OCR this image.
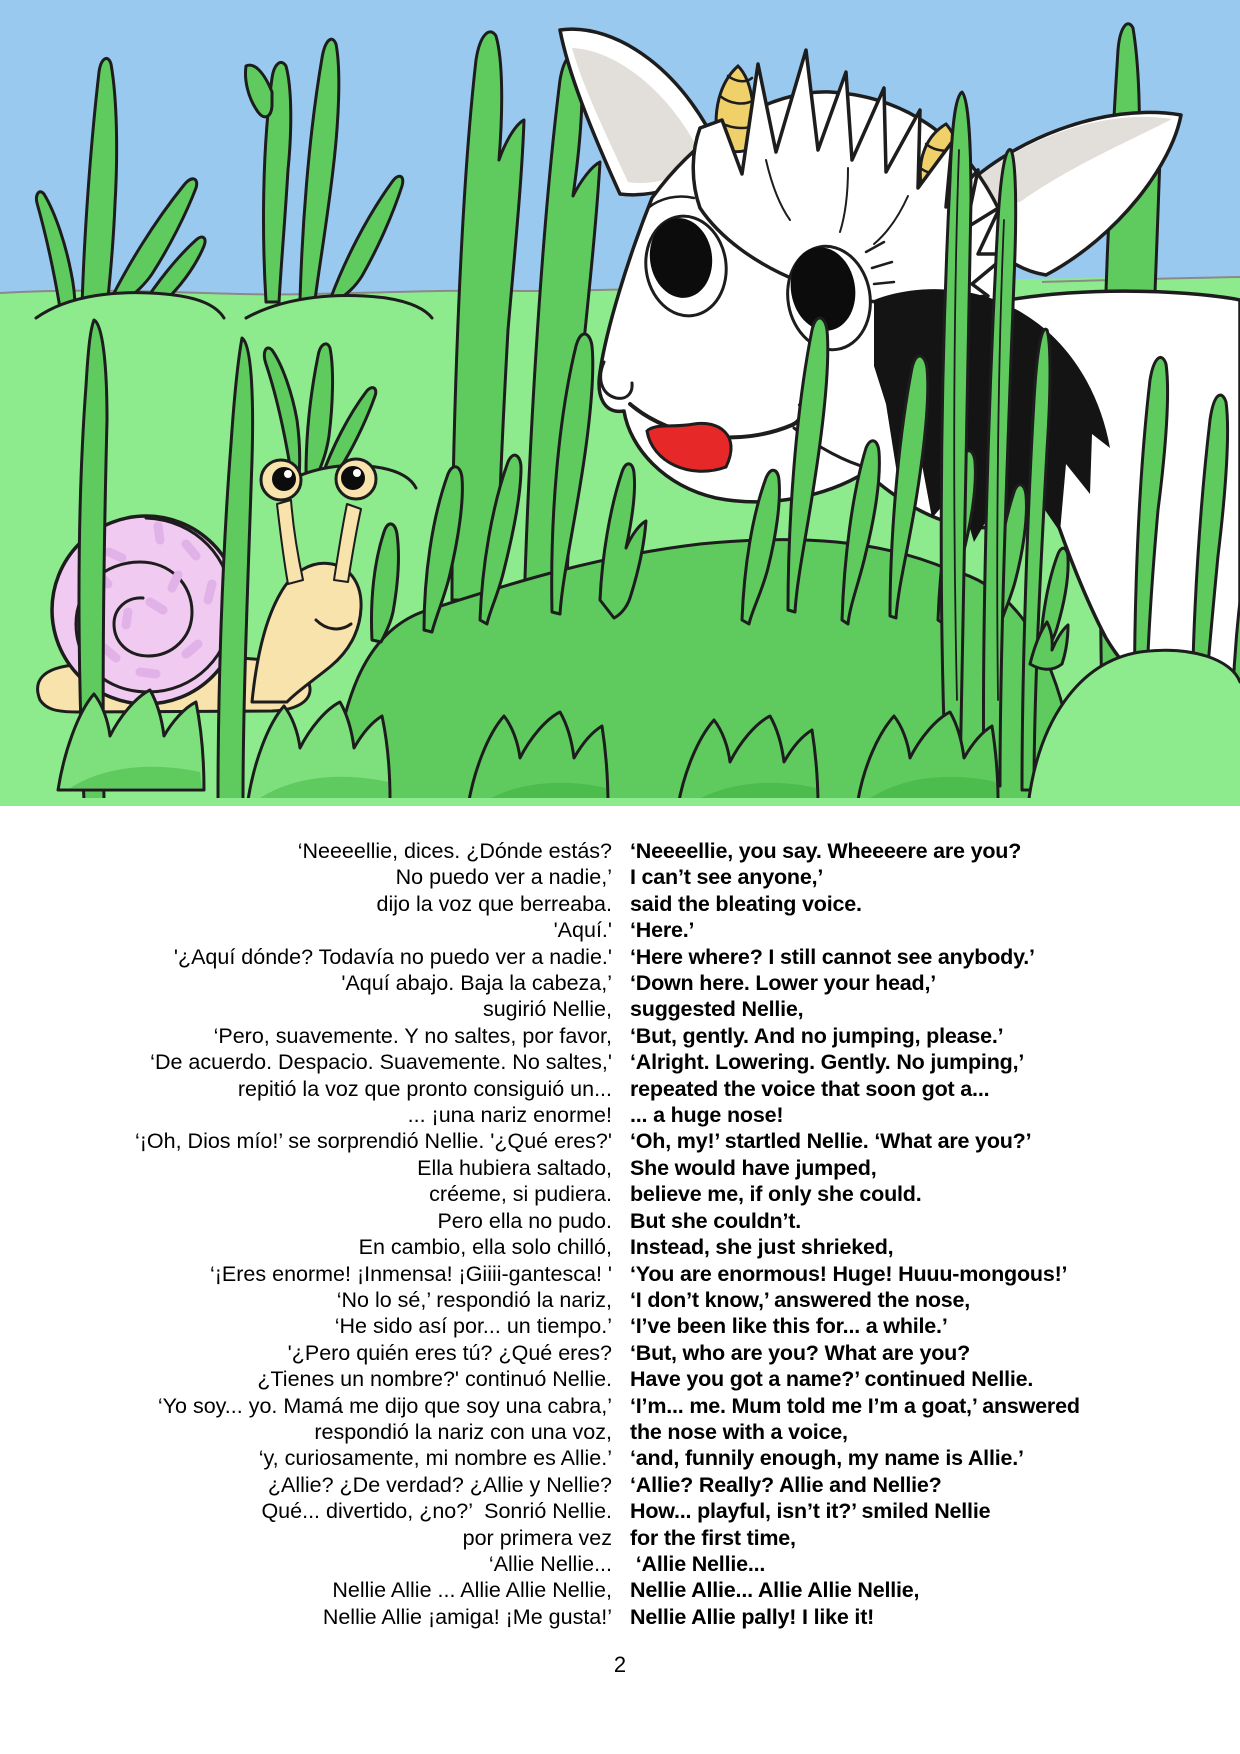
‘Neeeellie, dices. ¿Dónde estás?
No puedo ver a nadie,’
dijo la voz que berreaba.
'Aquí.'
'¿Aquí dónde? Todavía no puedo ver a nadie.'
'Aquí abajo. Baja la cabeza,’
sugirió Nellie,
‘Pero, suavemente. Y no saltes, por favor,
‘De acuerdo. Despacio. Suavemente. No saltes,'
repitió la voz que pronto consiguió un...
... ¡una nariz enorme!
‘¡Oh, Dios mío!’ se sorprendió Nellie. '¿Qué eres?'
Ella hubiera saltado,
créeme, si pudiera.
Pero ella no pudo.
En cambio, ella solo chilló,
‘¡Eres enorme! ¡Inmensa! ¡Giiii-gantesca! '
‘No lo sé,’ respondió la nariz,
‘He sido así por... un tiempo.’
'¿Pero quién eres tú? ¿Qué eres?
¿Tienes un nombre?' continuó Nellie.
‘Yo soy... yo. Mamá me dijo que soy una cabra,’
respondió la nariz con una voz,
‘y, curiosamente, mi nombre es Allie.’
¿Allie? ¿De verdad? ¿Allie y Nellie?
Qué... divertido, ¿no?’  Sonrió Nellie.
por primera vez
‘Allie Nellie...
Nellie Allie ... Allie Allie Nellie,
Nellie Allie ¡amiga! ¡Me gusta!’
‘Neeeellie, you say. Wheeeere are you?
I can’t see anyone,’
said the bleating voice.
‘Here.’
‘Here where? I still cannot see anybody.’
‘Down here. Lower your head,’
suggested Nellie,
‘But, gently. And no jumping, please.’
‘Alright. Lowering. Gently. No jumping,’
repeated the voice that soon got a...
... a huge nose!
‘Oh, my!’ startled Nellie. ‘What are you?’
She would have jumped,
believe me, if only she could.
But she couldn’t.
Instead, she just shrieked,
‘You are enormous! Huge! Huuu-mongous!’
‘I don’t know,’ answered the nose,
‘I’ve been like this for... a while.’
‘But, who are you? What are you?
Have you got a name?’ continued Nellie.
‘I’m... me. Mum told me I’m a goat,’ answered
the nose with a voice,
‘and, funnily enough, my name is Allie.’
‘Allie? Really? Allie and Nellie?
How... playful, isn’t it?’ smiled Nellie
for the first time,
‘Allie Nellie...
Nellie Allie... Allie Allie Nellie,
Nellie Allie pally! I like it!
2
